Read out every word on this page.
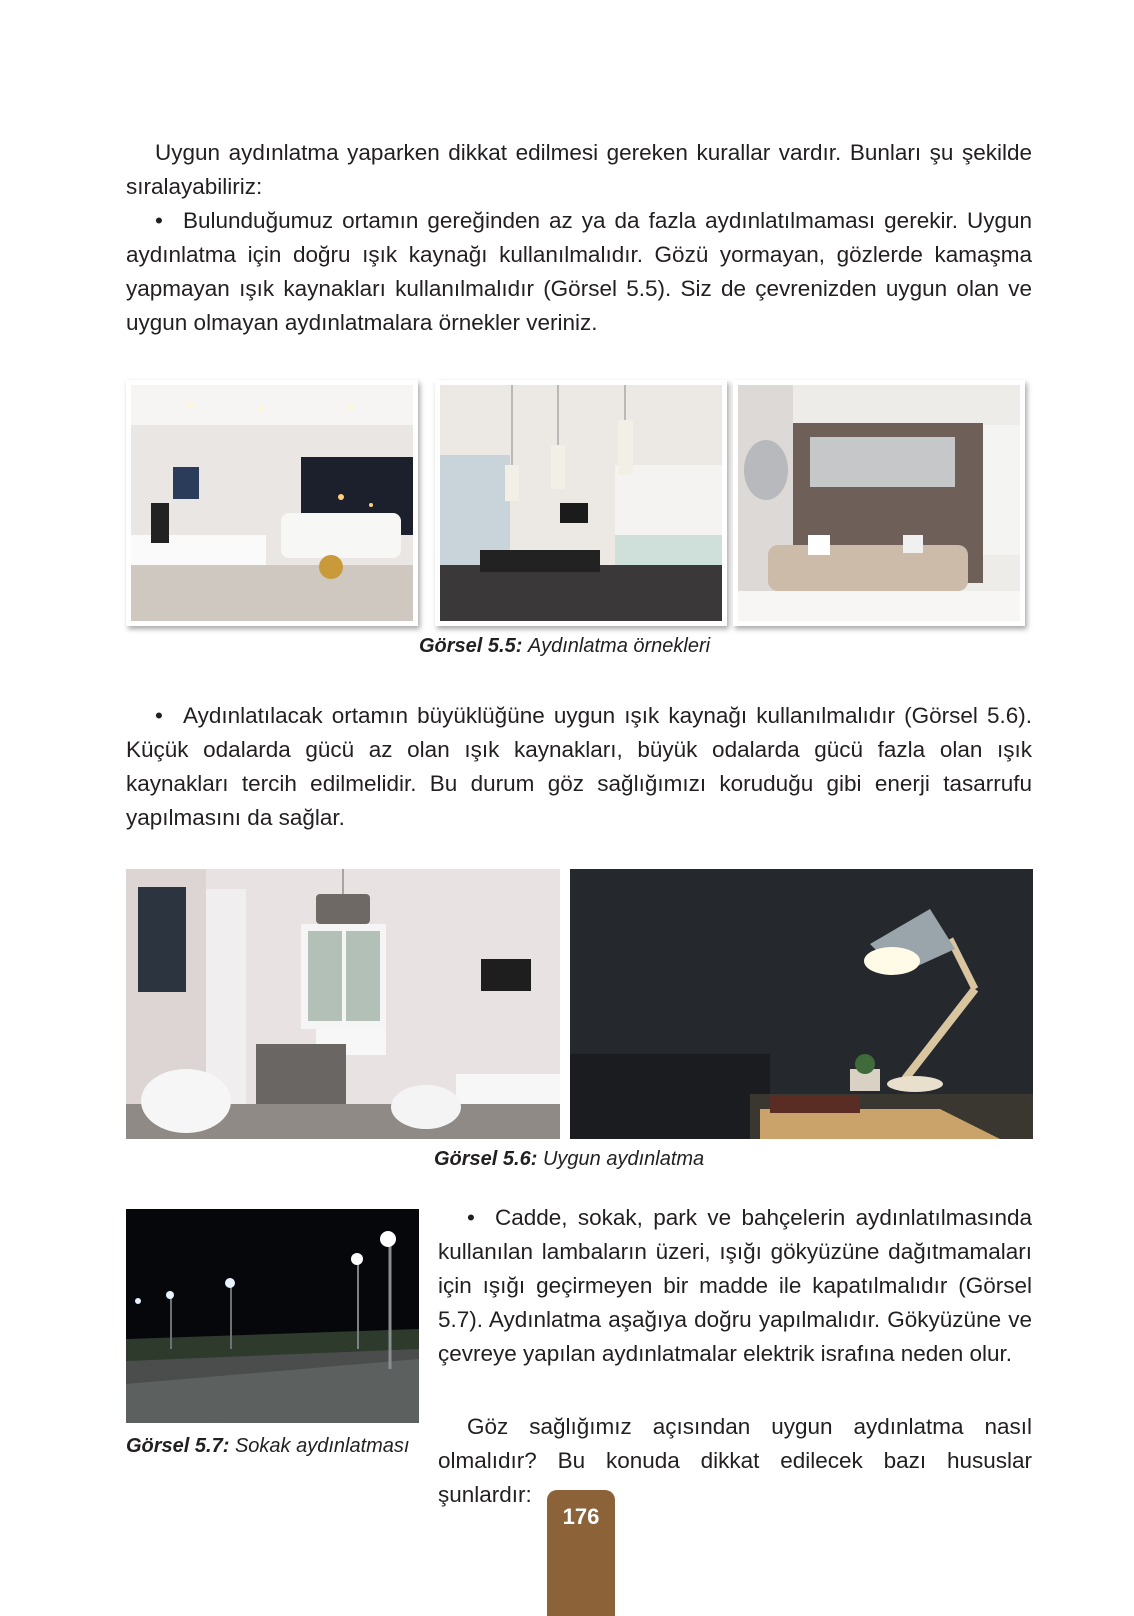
Uygun aydınlatma yaparken dikkat edilmesi gereken kurallar vardır. Bunları şu şekilde sıralayabiliriz:

• Bulunduğumuz ortamın gereğinden az ya da fazla aydınlatılmaması gerekir. Uygun aydınlatma için doğru ışık kaynağı kullanılmalıdır. Gözü yormayan, gözlerde kamaşma yapmayan ışık kaynakları kullanılmalıdır (Görsel 5.5). Siz de çevrenizden uygun olan ve uygun olmayan aydınlatmalara örnekler veriniz.

Görsel 5.5: Aydınlatma örnekleri

• Aydınlatılacak ortamın büyüklüğüne uygun ışık kaynağı kullanılmalıdır (Görsel 5.6). Küçük odalarda gücü az olan ışık kaynakları, büyük odalarda gücü fazla olan ışık kaynakları tercih edilmelidir. Bu durum göz sağlığımızı koruduğu gibi enerji tasarrufu yapılmasını da sağlar.

Görsel 5.6: Uygun aydınlatma
Görsel 5.7: Sokak aydınlatması

• Cadde, sokak, park ve bahçelerin aydınlatılmasında kullanılan lambaların üzeri, ışığı gökyüzüne dağıtmamaları için ışığı geçirmeyen bir madde ile kapatılmalıdır (Görsel 5.7). Aydınlatma aşağıya doğru yapılmalıdır. Gökyüzüne ve çevreye yapılan aydınlatmalar elektrik israfına neden olur.

Göz sağlığımız açısından uygun aydınlatma nasıl olmalıdır? Bu konuda dikkat edilecek bazı hususlar şunlardır:

176
